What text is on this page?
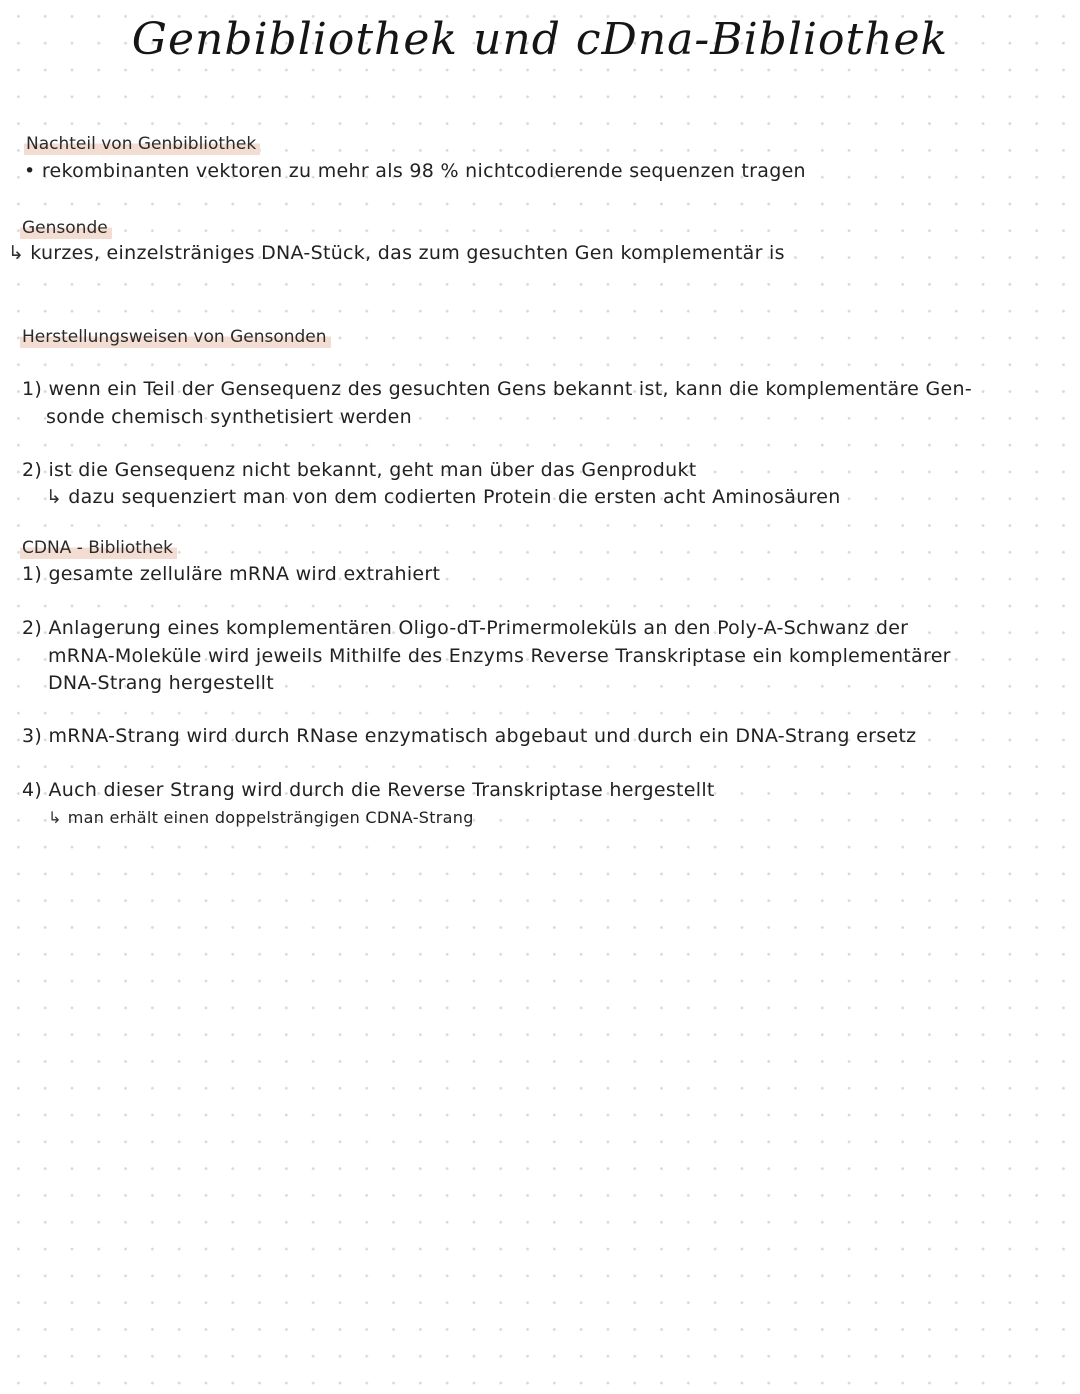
Genbibliothek und cDna-Bibliothek
Nachteil von Genbibliothek
• rekombinanten vektoren zu mehr als 98 % nichtcodierende sequenzen tragen
Gensonde
↳ kurzes, einzelsträniges DNA-Stück, das zum gesuchten Gen komplementär is
Herstellungsweisen von Gensonden
1) wenn ein Teil der Gensequenz des gesuchten Gens bekannt ist, kann die komplementäre Gen-
sonde chemisch synthetisiert werden
2) ist die Gensequenz nicht bekannt, geht man über das Genprodukt
↳ dazu sequenziert man von dem codierten Protein die ersten acht Aminosäuren
CDNA - Bibliothek
1) gesamte zelluläre mRNA wird extrahiert
2) Anlagerung eines komplementären Oligo-dT-Primermoleküls an den Poly-A-Schwanz der
mRNA-Moleküle wird jeweils Mithilfe des Enzyms Reverse Transkriptase ein komplementärer
DNA-Strang hergestellt
3) mRNA-Strang wird durch RNase enzymatisch abgebaut und durch ein DNA-Strang ersetz
4) Auch dieser Strang wird durch die Reverse Transkriptase hergestellt
↳ man erhält einen doppelsträngigen CDNA-Strang
